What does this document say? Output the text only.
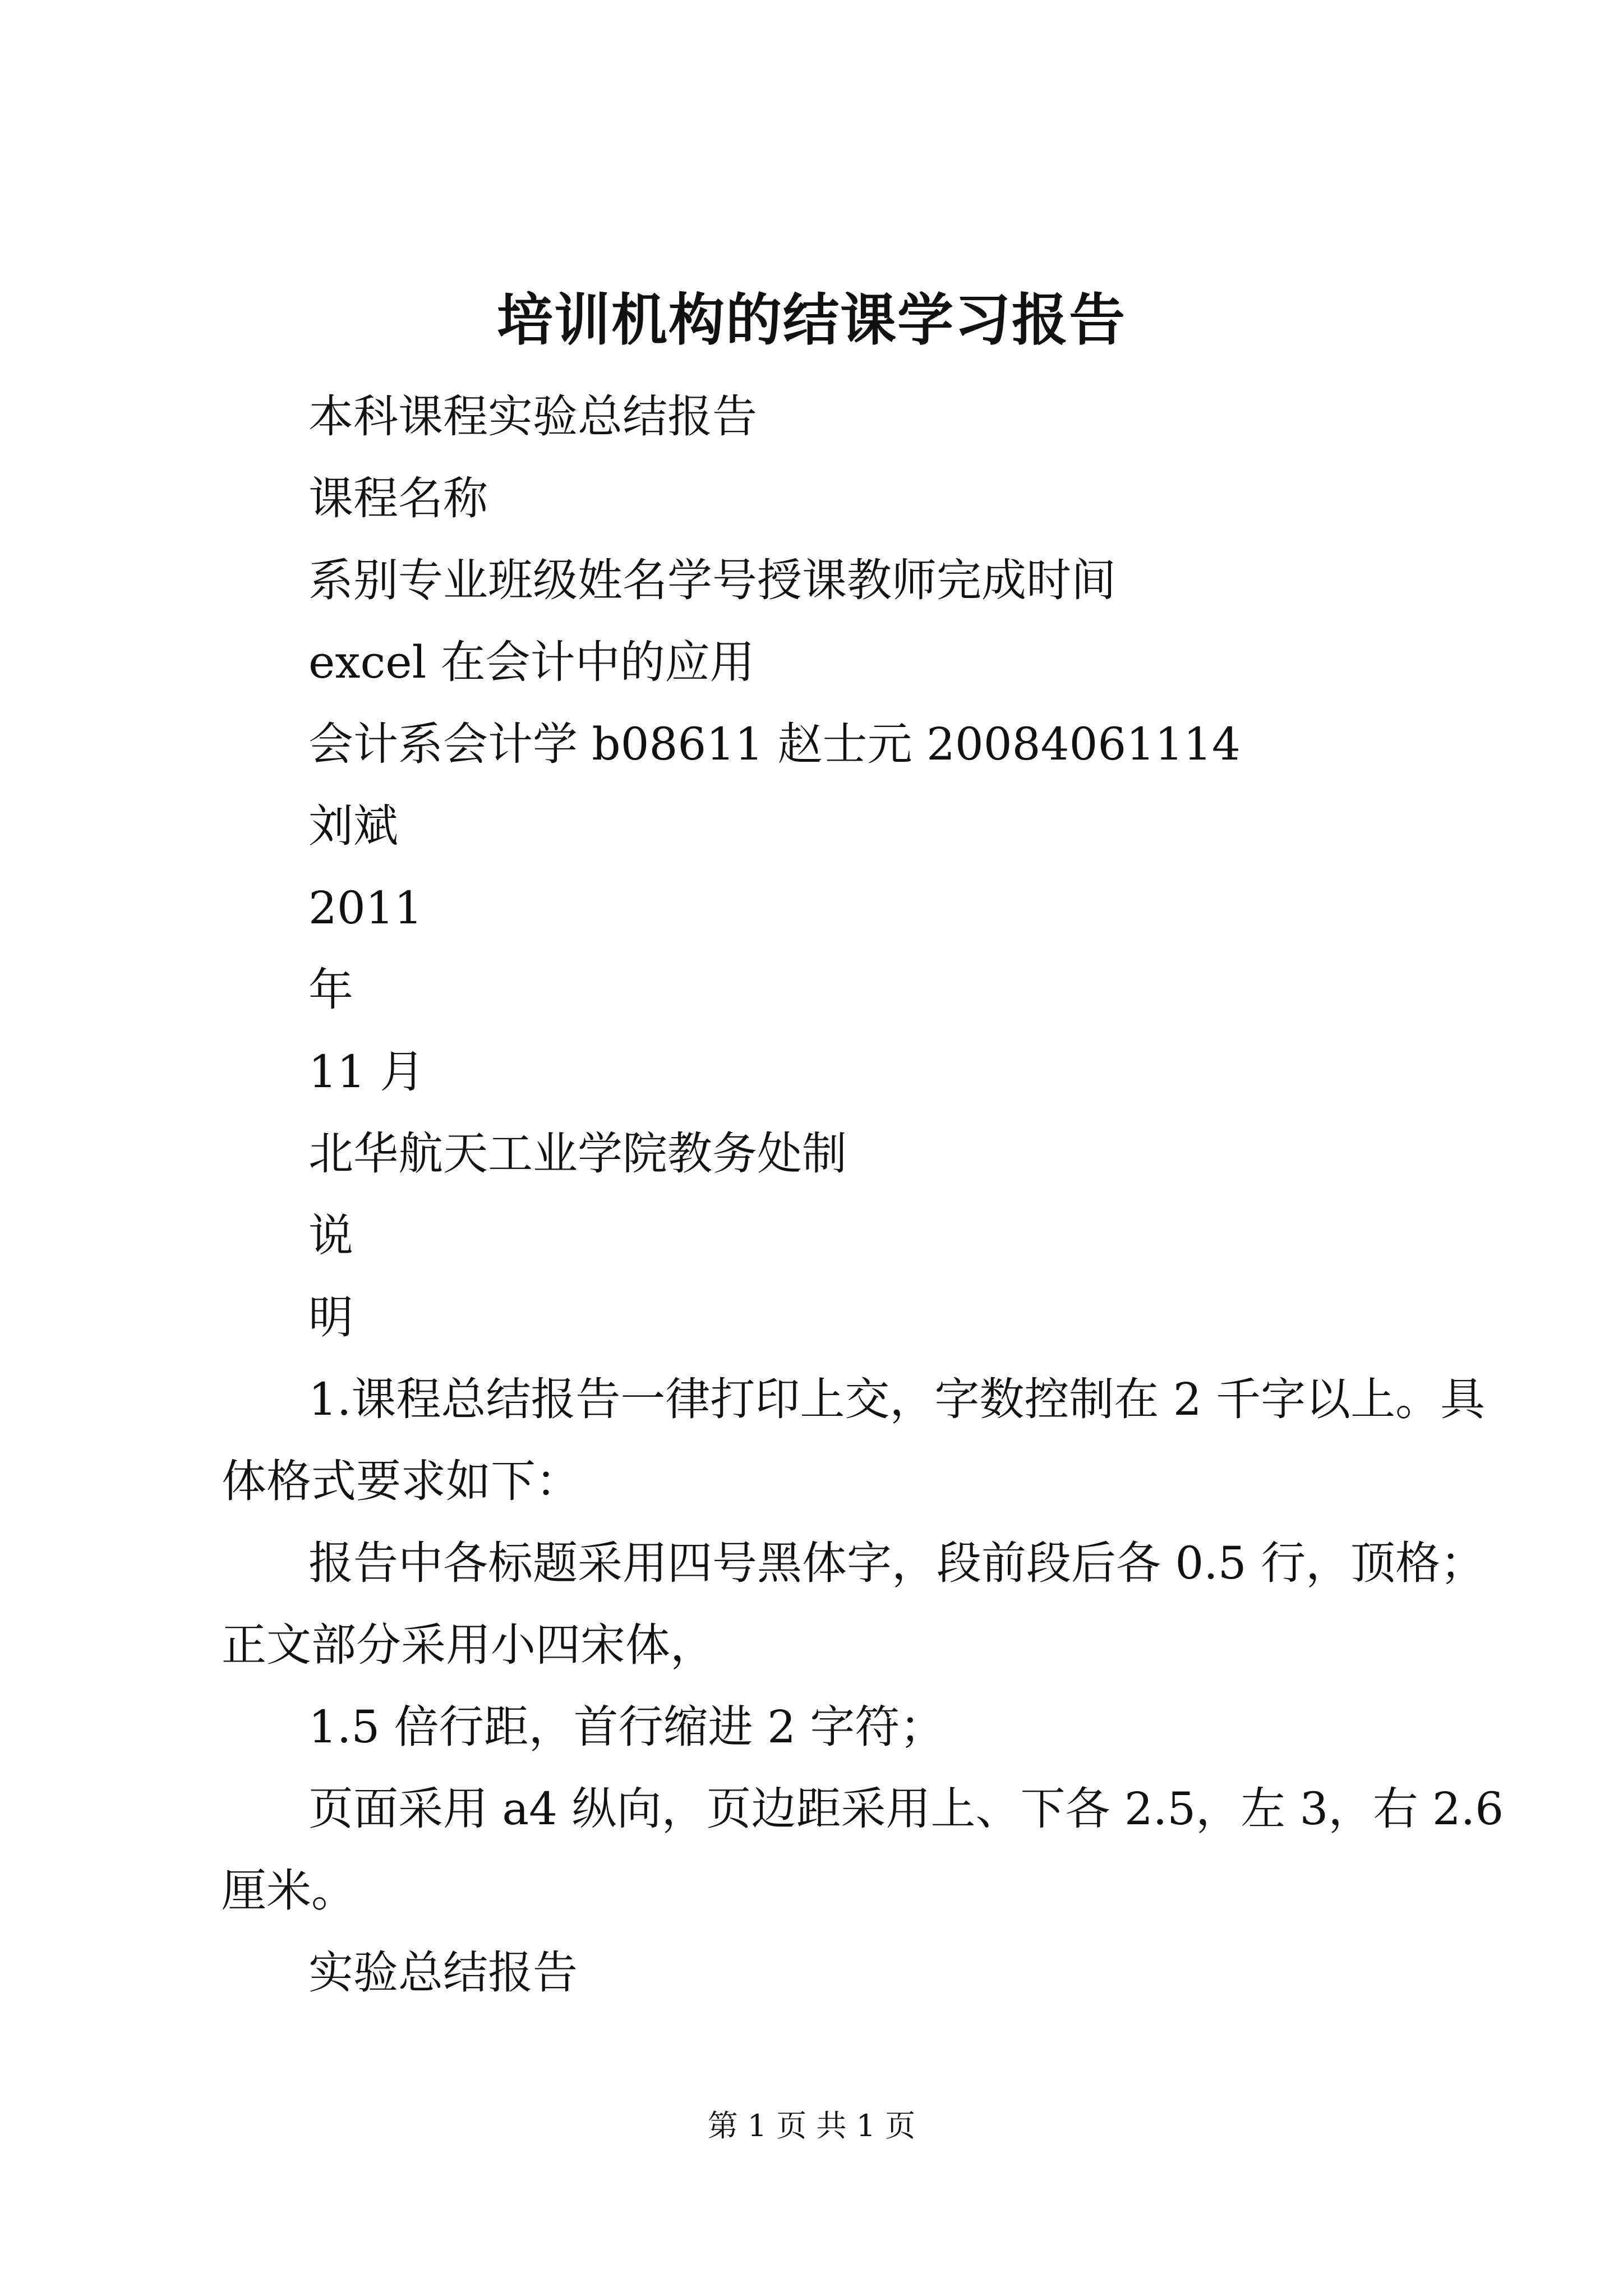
培训机构的结课学习报告

本科课程实验总结报告

课程名称

系别专业班级姓名学号授课教师完成时间

excel 在会计中的应用

会计系会计学 b08611 赵士元 20084061114

刘斌

2011

年

11 月

北华航天工业学院教务处制

说

明

1.课程总结报告一律打印上交，字数控制在 2 千字以上。具

体格式要求如下：

报告中各标题采用四号黑体字，段前段后各 0.5 行，顶格；

正文部分采用小四宋体，

1.5 倍行距，首行缩进 2 字符；

页面采用 a4 纵向，页边距采用上、下各 2.5，左 3，右 2.6

厘米。

实验总结报告

第 1 页 共 1 页
